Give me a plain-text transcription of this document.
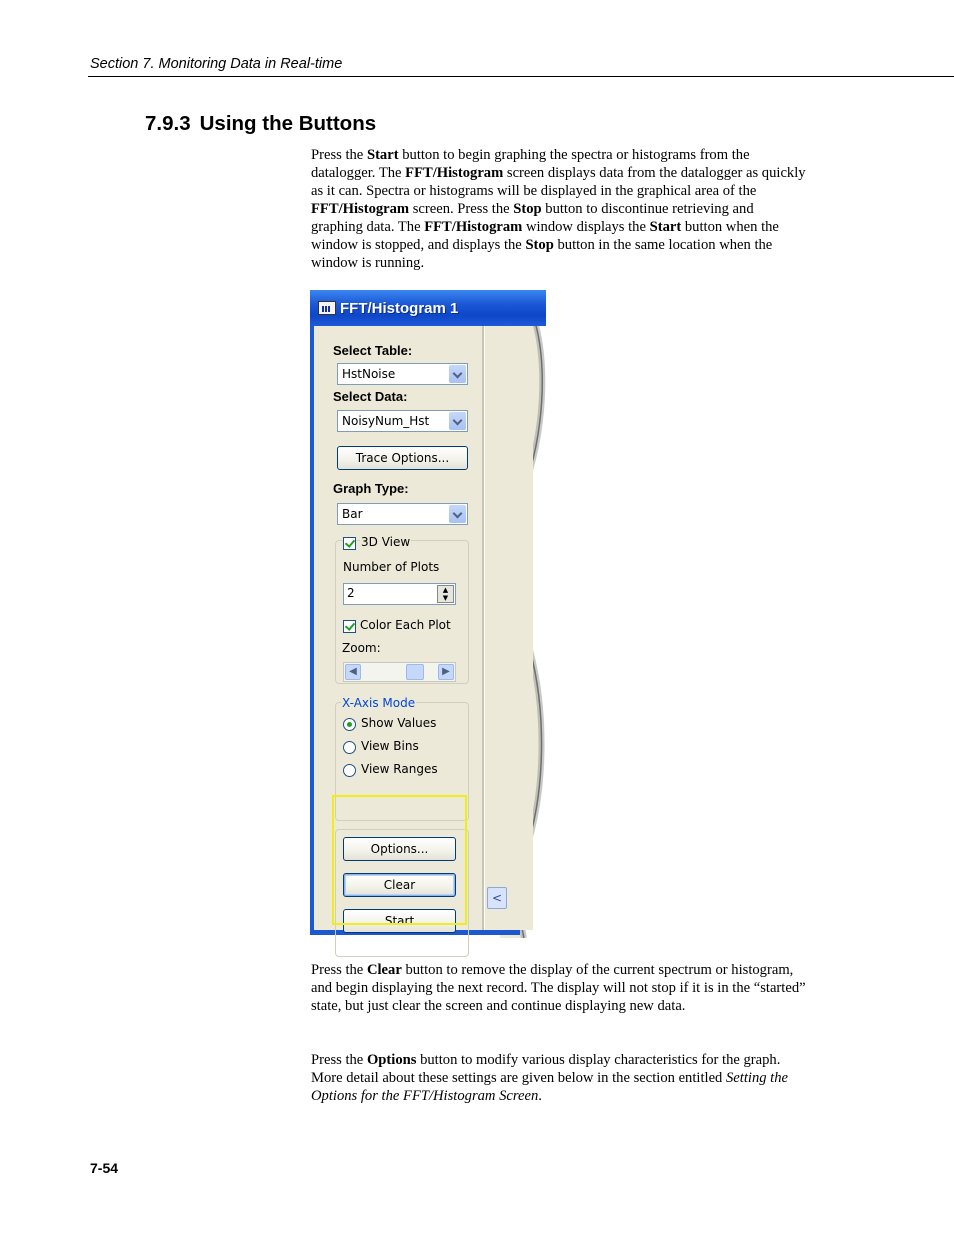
Section 7. Monitoring Data in Real-time
7.9.3 Using the Buttons

Press the Start button to begin graphing the spectra or histograms from the datalogger. The FFT/Histogram screen displays data from the datalogger as quickly as it can. Spectra or histograms will be displayed in the graphical area of the FFT/Histogram screen. Press the Stop button to discontinue retrieving and graphing data. The FFT/Histogram window displays the Start button when the window is stopped, and displays the Stop button in the same location when the window is running.

FFT/Histogram 1
Select Table:
HstNoise
Select Data:
NoisyNum_Hst
Trace Options...
Graph Type:
Bar
3D View
Number of Plots
2	▲
▼
Color Each Plot
Zoom:
◀	▶
X-Axis Mode
Show Values
View Bins
View Ranges
Options...
Clear
Start
<

Press the Clear button to remove the display of the current spectrum or histogram, and begin displaying the next record. The display will not stop if it is in the “started” state, but just clear the screen and continue displaying new data.

Press the Options button to modify various display characteristics for the graph. More detail about these settings are given below in the section entitled Setting the Options for the FFT/Histogram Screen.

7-54
